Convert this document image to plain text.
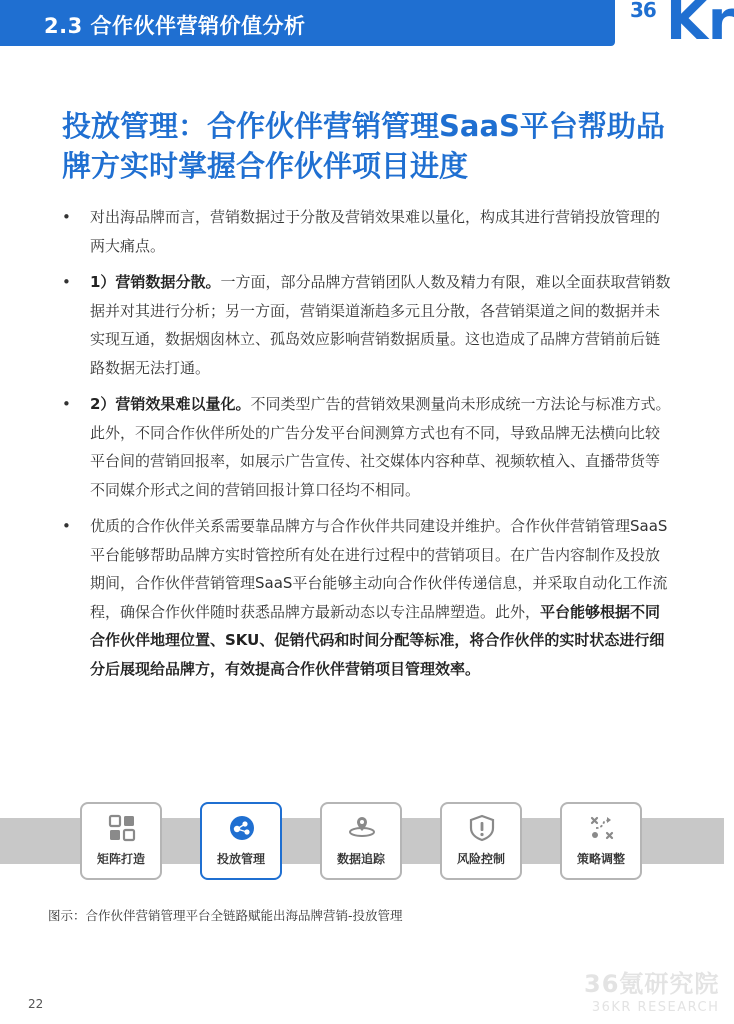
2.3 合作伙伴营销价值分析
36 Kr
投放管理：合作伙伴营销管理SaaS平台帮助品牌方实时掌握合作伙伴项目进度
• 对出海品牌而言，营销数据过于分散及营销效果难以量化，构成其进行营销投放管理的两大痛点。
• 1）营销数据分散。一方面，部分品牌方营销团队人数及精力有限，难以全面获取营销数据并对其进行分析；另一方面，营销渠道渐趋多元且分散，各营销渠道之间的数据并未实现互通，数据烟囱林立、孤岛效应影响营销数据质量。这也造成了品牌方营销前后链路数据无法打通。
• 2）营销效果难以量化。不同类型广告的营销效果测量尚未形成统一方法论与标准方式。此外，不同合作伙伴所处的广告分发平台间测算方式也有不同，导致品牌无法横向比较平台间的营销回报率，如展示广告宣传、社交媒体内容种草、视频软植入、直播带货等不同媒介形式之间的营销回报计算口径均不相同。
• 优质的合作伙伴关系需要靠品牌方与合作伙伴共同建设并维护。合作伙伴营销管理SaaS平台能够帮助品牌方实时管控所有处在进行过程中的营销项目。在广告内容制作及投放期间，合作伙伴营销管理SaaS平台能够主动向合作伙伴传递信息，并采取自动化工作流程，确保合作伙伴随时获悉品牌方最新动态以专注品牌塑造。此外，平台能够根据不同合作伙伴地理位置、SKU、促销代码和时间分配等标准，将合作伙伴的实时状态进行细分后展现给品牌方，有效提高合作伙伴营销项目管理效率。
矩阵打造	投放管理	数据追踪	风险控制	策略调整
图示：合作伙伴营销管理平台全链路赋能出海品牌营销-投放管理
36氪研究院
36KR RESEARCH
22
